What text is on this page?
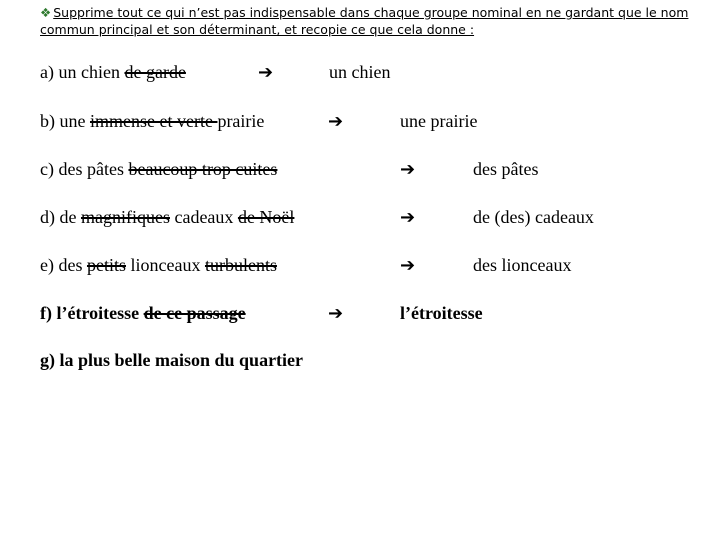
❖ Supprime tout ce qui n’est pas indispensable dans chaque groupe nominal en ne gardant que le nom commun principal et son déterminant, et recopie ce que cela donne :
a) un chien de garde	➔	un chien
b) une immense et verte prairie	➔	une prairie
c) des pâtes beaucoup trop cuites	➔	des pâtes
d) de magnifiques cadeaux de Noël	➔	de (des) cadeaux
e) des petits lionceaux turbulents	➔	des lionceaux
f) l’étroitesse de ce passage	➔	l’étroitesse
g) la plus belle maison du quartier
